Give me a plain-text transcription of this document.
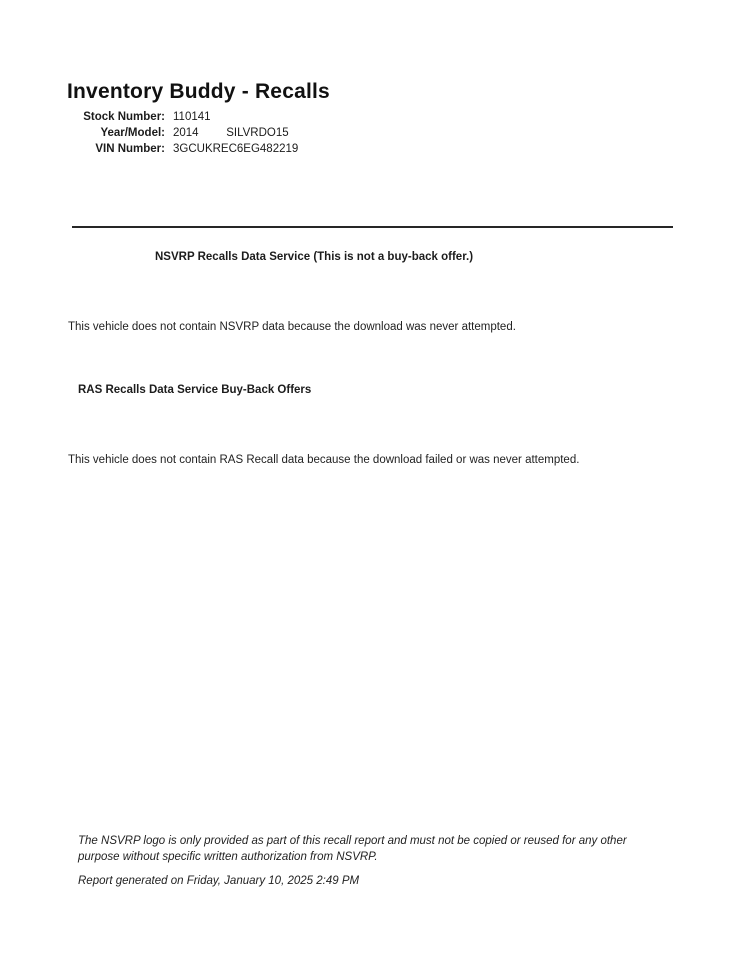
Inventory Buddy - Recalls
Stock Number: 110141
Year/Model: 2014 SILVRDO15
VIN Number: 3GCUKREC6EG482219
NSVRP Recalls Data Service (This is not a buy-back offer.)
This vehicle does not contain NSVRP data because the download was never attempted.
RAS Recalls Data Service Buy-Back Offers
This vehicle does not contain RAS Recall data because the download failed or was never attempted.
The NSVRP logo is only provided as part of this recall report and must not be copied or reused for any other purpose without specific written authorization from NSVRP.
Report generated on Friday, January 10, 2025 2:49 PM
